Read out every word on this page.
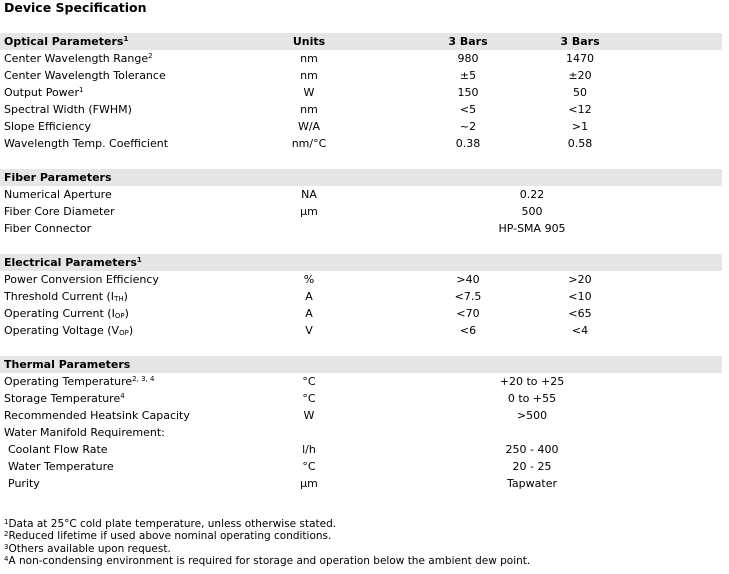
Device Specification
Optical Parameters$^1$	Units	3 Bars	3 Bars
Center Wavelength Range$^2$	nm	980	1470
Center Wavelength Tolerance	nm	±5	±20
Output Power$^1$	W	150	50
Spectral Width (FWHM)	nm	<5	<12
Slope Efficiency	W/A	~2	>1
Wavelength Temp. Coefficient	nm/°C	0.38	0.58
Fiber Parameters
Numerical Aperture	NA	0.22
Fiber Core Diameter	µm	500
Fiber Connector	HP-SMA 905
Electrical Parameters$^1$
Power Conversion Efficiency	%	>40	>20
Threshold Current $(I_{TH})$	A	<7.5	<10
Operating Current $(I_{OP})$	A	<70	<65
Operating Voltage $(V_{OP})$	V	<6	<4
Thermal Parameters
Operating Temperature$^{2, 3, 4}$	°C	+20 to +25
Storage Temperature$^4$	°C	0 to +55
Recommended Heatsink Capacity	W	>500
Water Manifold Requirement:
Coolant Flow Rate	l/h	250 - 400
Water Temperature	°C	20 - 25
Purity	µm	Tapwater
$^1$Data at 25°C cold plate temperature, unless otherwise stated.
$^2$Reduced lifetime if used above nominal operating conditions.
$^3$Others available upon request.
$^4$A non-condensing environment is required for storage and operation below the ambient dew point.
